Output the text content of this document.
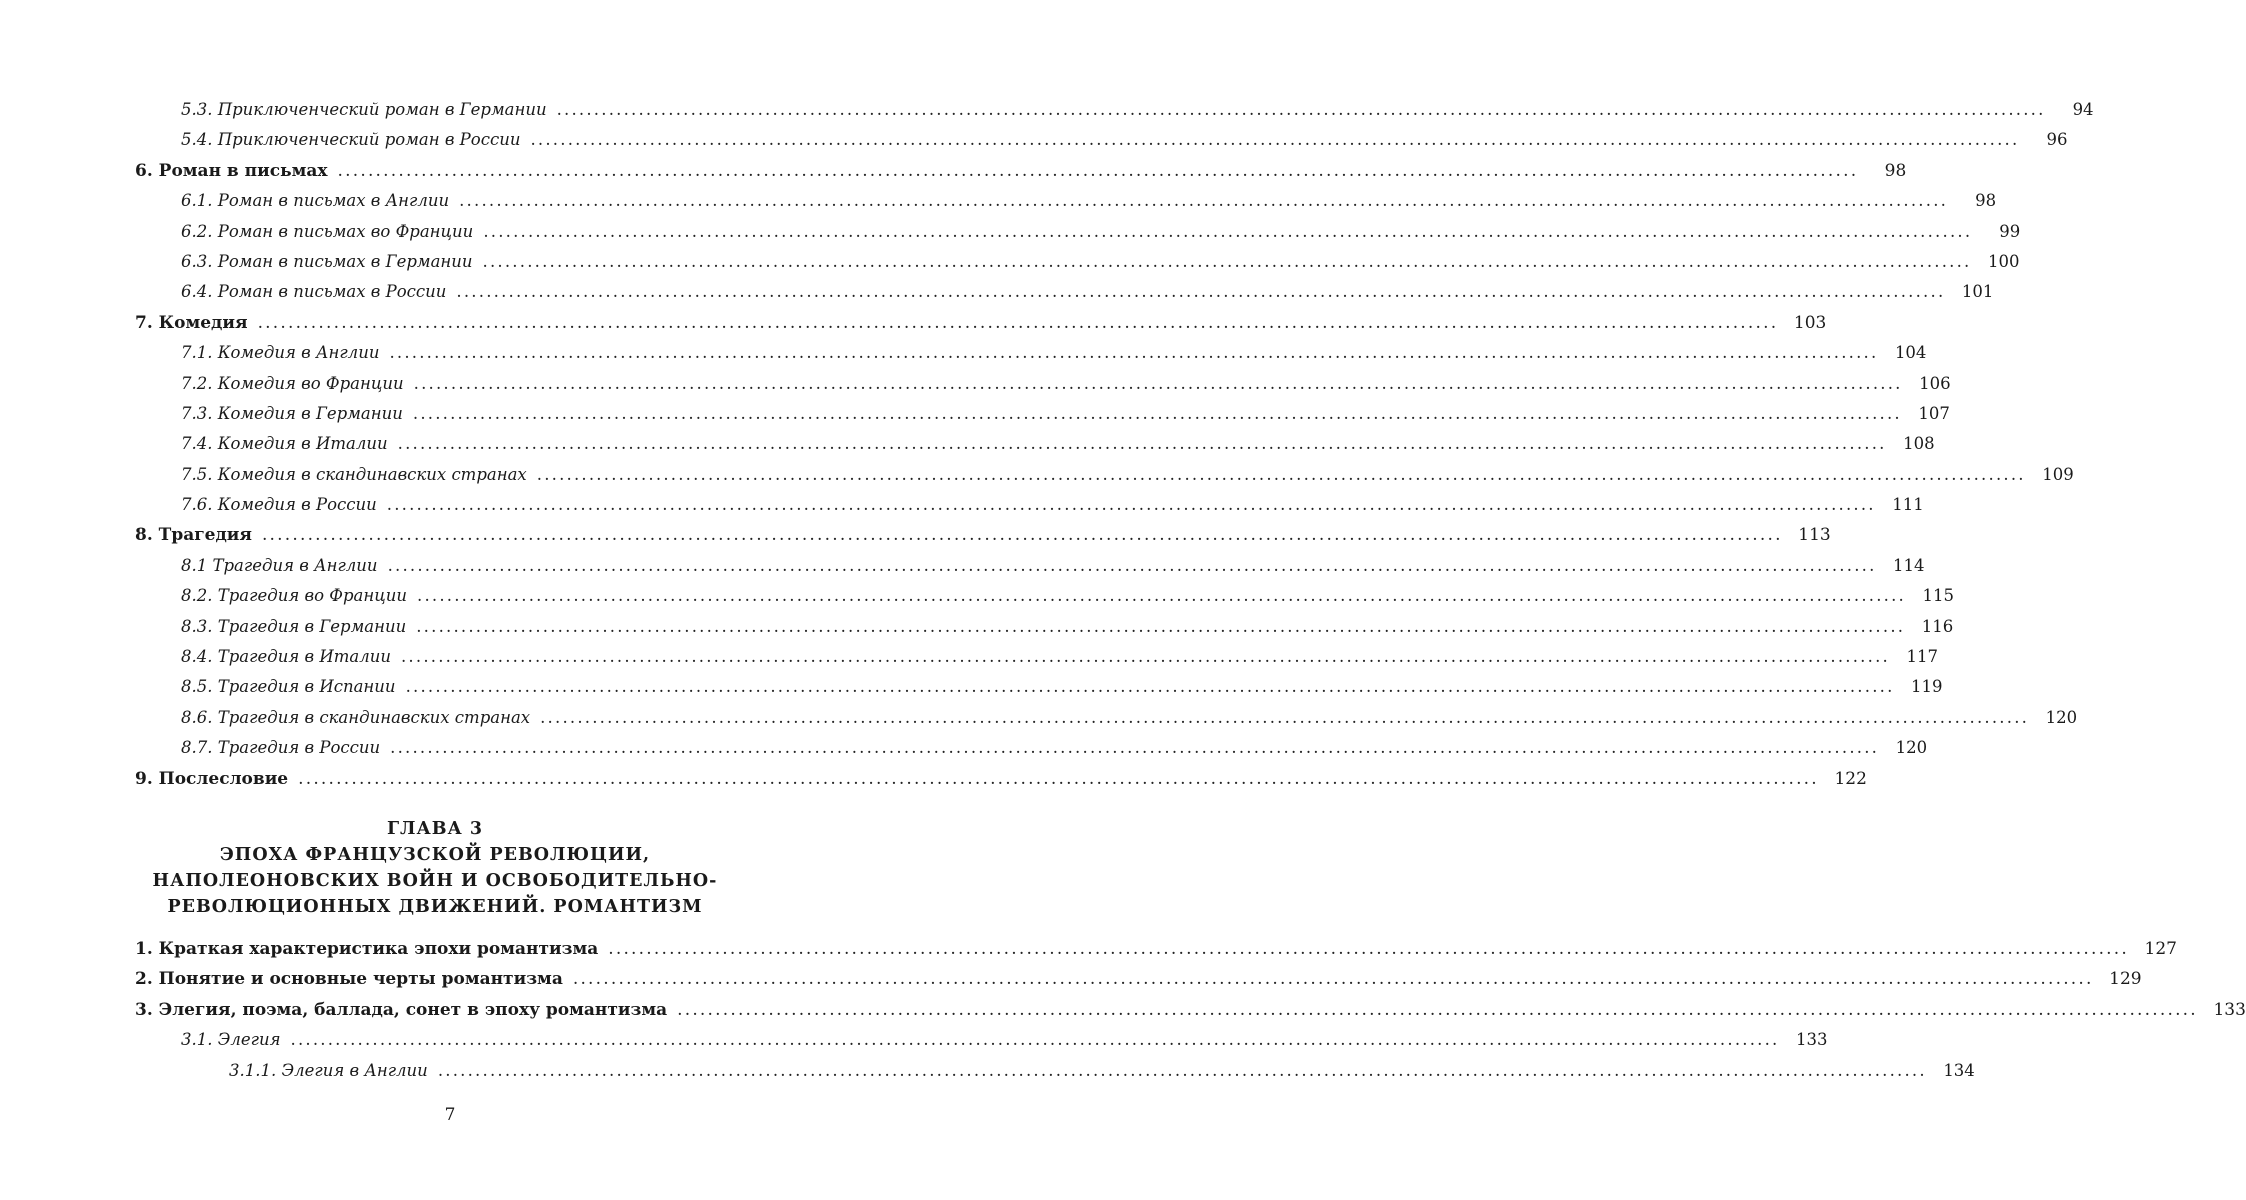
5.3. Приключенческий роман в Германии ........................................................................................................................................................................................................	94
5.4. Приключенческий роман в России ........................................................................................................................................................................................................	96
6. Роман в письмах ........................................................................................................................................................................................................	98
6.1. Роман в письмах в Англии ........................................................................................................................................................................................................	98
6.2. Роман в письмах во Франции ........................................................................................................................................................................................................	99
6.3. Роман в письмах в Германии ........................................................................................................................................................................................................	100
6.4. Роман в письмах в России ........................................................................................................................................................................................................	101
7. Комедия ........................................................................................................................................................................................................ 103
7.1. Комедия в Англии ........................................................................................................................................................................................................	104
7.2. Комедия во Франции ........................................................................................................................................................................................................	106
7.3. Комедия в Германии ........................................................................................................................................................................................................	107
7.4. Комедия в Италии ........................................................................................................................................................................................................	108
7.5. Комедия в скандинавских странах ........................................................................................................................................................................................................	109
7.6. Комедия в России ........................................................................................................................................................................................................	111
8. Трагедия ........................................................................................................................................................................................................ 113
8.1 Трагедия в Англии ........................................................................................................................................................................................................	114
8.2. Трагедия во Франции ........................................................................................................................................................................................................	115
8.3. Трагедия в Германии ........................................................................................................................................................................................................	116
8.4. Трагедия в Италии ........................................................................................................................................................................................................	117
8.5. Трагедия в Испании ........................................................................................................................................................................................................	119
8.6. Трагедия в скандинавских странах ........................................................................................................................................................................................................	120
8.7. Трагедия в России ........................................................................................................................................................................................................	120
9. Послесловие ........................................................................................................................................................................................................ 122
ГЛАВА 3
ЭПОХА ФРАНЦУЗСКОЙ РЕВОЛЮЦИИ,
НАПОЛЕОНОВСКИХ ВОЙН И ОСВОБОДИТЕЛЬНО-
РЕВОЛЮЦИОННЫХ ДВИЖЕНИЙ. РОМАНТИЗМ
1. Краткая характеристика эпохи романтизма ........................................................................................................................................................................................................ 127
2. Понятие и основные черты романтизма ........................................................................................................................................................................................................ 129
3. Элегия, поэма, баллада, сонет в эпоху романтизма ........................................................................................................................................................................................................ 133
3.1. Элегия ........................................................................................................................................................................................................	133
3.1.1. Элегия в Англии ........................................................................................................................................................................................................	134
7
